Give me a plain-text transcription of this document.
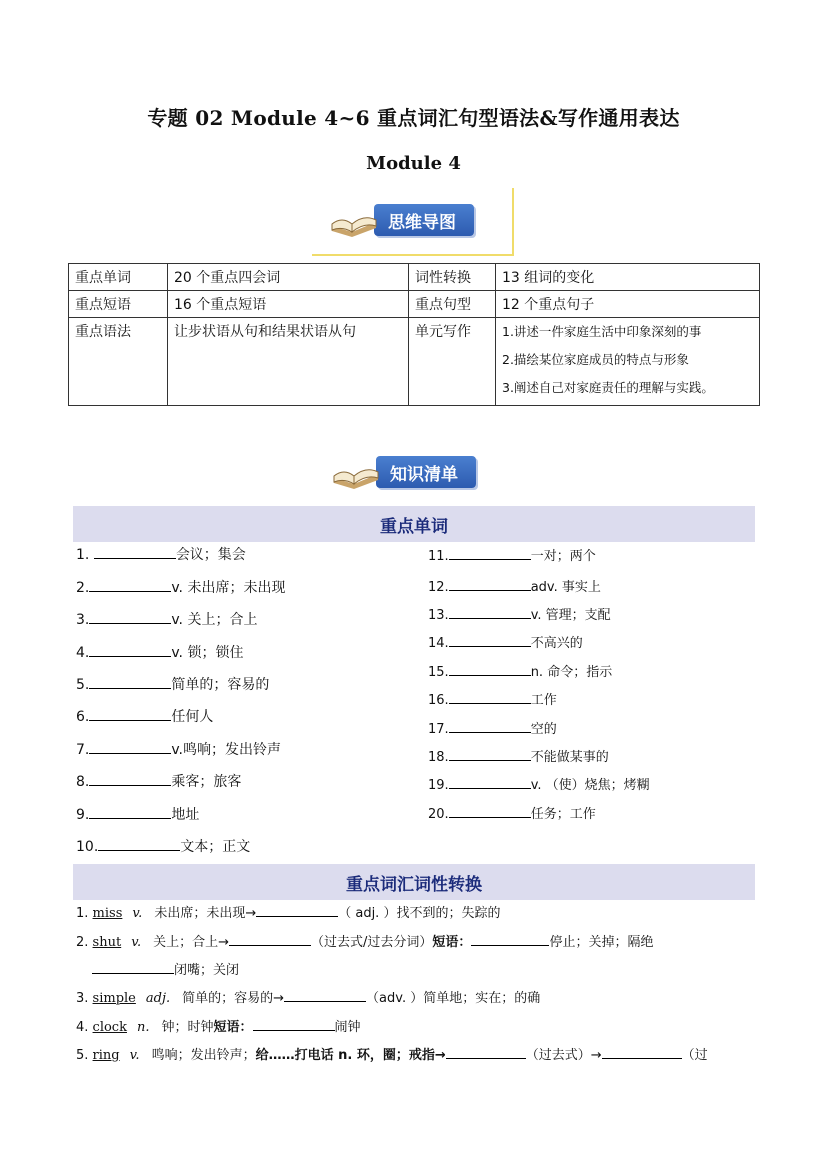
专题 02 Module 4~6 重点词汇句型语法&写作通用表达
Module 4
思维导图
重点单词	20 个重点四会词	词性转换	13 组词的变化
重点短语	16 个重点短语	重点句型	12 个重点句子
重点语法	让步状语从句和结果状语从句	单元写作	1.讲述一件家庭生活中印象深刻的事
2.描绘某位家庭成员的特点与形象
3.阐述自己对家庭责任的理解与实践。
知识清单
重点单词
1.	会议；集会
2.	v. 未出席；未出现
3.	v. 关上；合上
4.	v. 锁；锁住
5.	简单的；容易的
6.	任何人
7.	v.鸣响；发出铃声
8.	乘客；旅客
9.	地址
10.	文本；正文
11.	一对；两个
12.	adv. 事实上
13.	v. 管理；支配
14.	不高兴的
15.	n. 命令；指示
16.	工作
17.	空的
18.	不能做某事的
19.	v. （使）烧焦；烤糊
20.	任务；工作
重点词汇词性转换
1. miss v. 未出席；未出现→	（ adj. ）找不到的；失踪的
2. shut v. 关上；合上→	（过去式/过去分词）短语：	停止；关掉；隔绝
闭嘴；关闭
3. simple adj. 简单的；容易的→	（adv. ）简单地；实在；的确
4. clock n. 钟；时钟短语：	闹钟
5. ring v. 鸣响；发出铃声；给……打电话 n. 环，圈；戒指→	（过去式）→	（过
